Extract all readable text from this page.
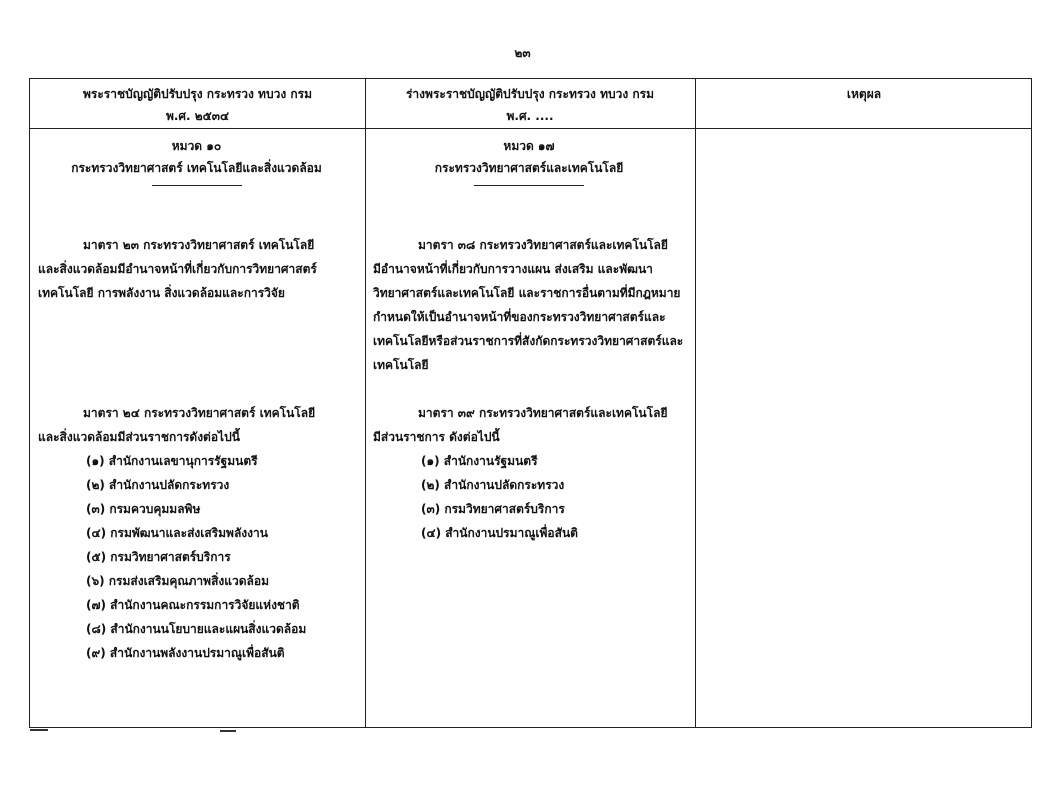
๒๓
พระราชบัญญัติปรับปรุง กระทรวง ทบวง กรม
พ.ศ. ๒๕๓๔
ร่างพระราชบัญญัติปรับปรุง กระทรวง ทบวง กรม
พ.ศ. ....
เหตุผล
หมวด ๑๐
กระทรวงวิทยาศาสตร์ เทคโนโลยีและสิ่งแวดล้อม
มาตรา ๒๓ กระทรวงวิทยาศาสตร์ เทคโนโลยี
และสิ่งแวดล้อมมีอำนาจหน้าที่เกี่ยวกับการวิทยาศาสตร์
เทคโนโลยี การพลังงาน สิ่งแวดล้อมและการวิจัย
มาตรา ๒๔ กระทรวงวิทยาศาสตร์ เทคโนโลยี
และสิ่งแวดล้อมมีส่วนราชการดังต่อไปนี้
(๑) สำนักงานเลขานุการรัฐมนตรี
(๒) สำนักงานปลัดกระทรวง
(๓) กรมควบคุมมลพิษ
(๔) กรมพัฒนาและส่งเสริมพลังงาน
(๕) กรมวิทยาศาสตร์บริการ
(๖) กรมส่งเสริมคุณภาพสิ่งแวดล้อม
(๗) สำนักงานคณะกรรมการวิจัยแห่งชาติ
(๘) สำนักงานนโยบายและแผนสิ่งแวดล้อม
(๙) สำนักงานพลังงานปรมาณูเพื่อสันติ
หมวด ๑๗
กระทรวงวิทยาศาสตร์และเทคโนโลยี
มาตรา ๓๘ กระทรวงวิทยาศาสตร์และเทคโนโลยี
มีอำนาจหน้าที่เกี่ยวกับการวางแผน ส่งเสริม และพัฒนา
วิทยาศาสตร์และเทคโนโลยี และราชการอื่นตามที่มีกฎหมาย
กำหนดให้เป็นอำนาจหน้าที่ของกระทรวงวิทยาศาสตร์และ
เทคโนโลยีหรือส่วนราชการที่สังกัดกระทรวงวิทยาศาสตร์และ
เทคโนโลยี
มาตรา ๓๙ กระทรวงวิทยาศาสตร์และเทคโนโลยี
มีส่วนราชการ ดังต่อไปนี้
(๑) สำนักงานรัฐมนตรี
(๒) สำนักงานปลัดกระทรวง
(๓) กรมวิทยาศาสตร์บริการ
(๔) สำนักงานปรมาณูเพื่อสันติ
